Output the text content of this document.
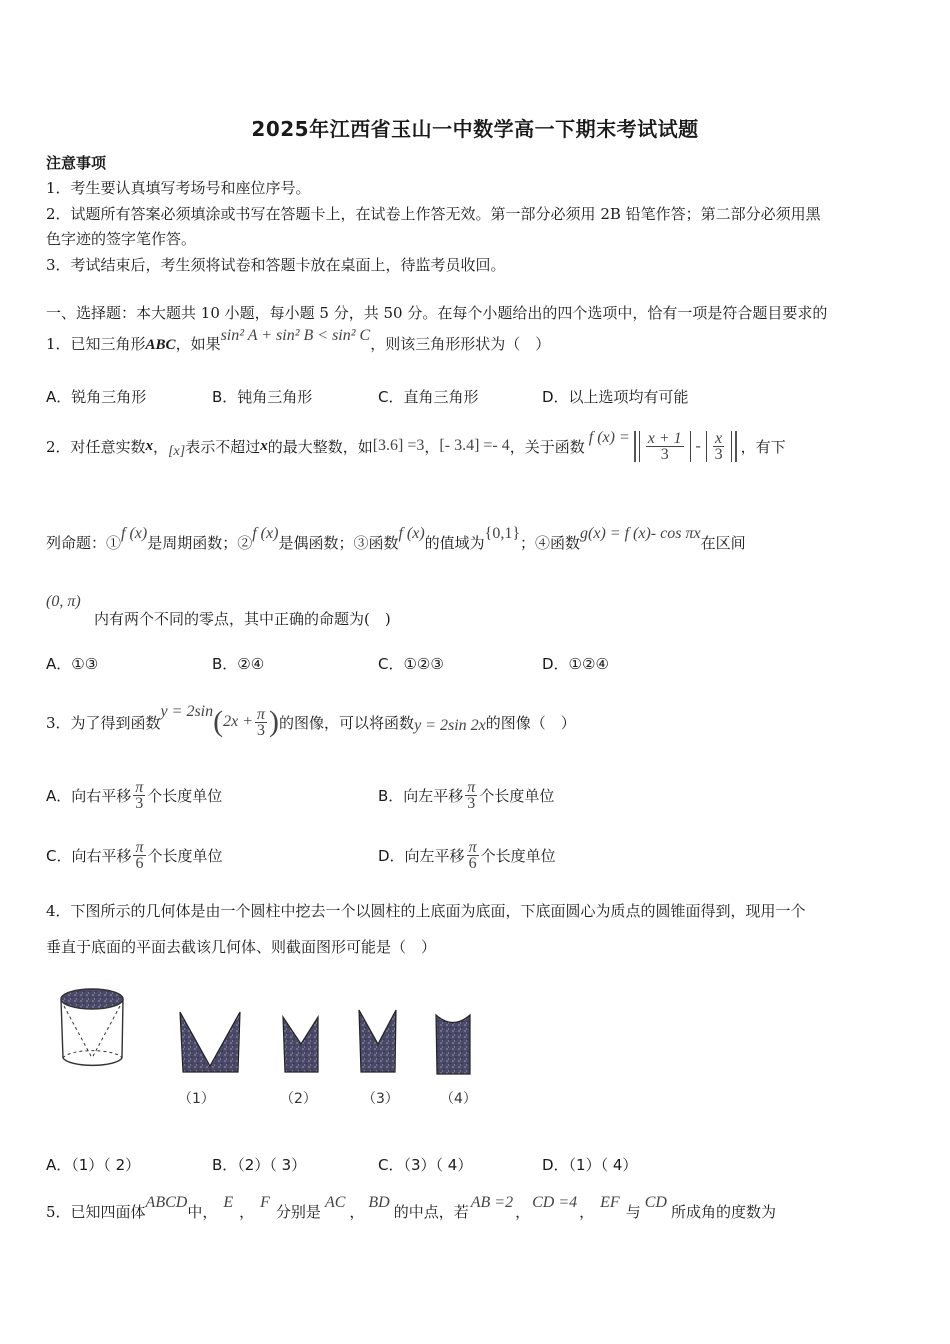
2025年江西省玉山一中数学高一下期末考试试题
注意事项
1．考生要认真填写考场号和座位序号。
2．试题所有答案必须填涂或书写在答题卡上，在试卷上作答无效。第一部分必须用 2B 铅笔作答；第二部分必须用黑
色字迹的签字笔作答。
3．考试结束后，考生须将试卷和答题卡放在桌面上，待监考员收回。
一、选择题：本大题共 10 小题，每小题 5 分，共 50 分。在每个小题给出的四个选项中，恰有一项是符合题目要求的
1．已知三角形ABC，如果sin² A + sin² B < sin² C，则该三角形形状为（　）
A．锐角三角形	B．钝角三角形	C．直角三角形	D．以上选项均有可能
2．对任意实数 x ， [x] 表示不超过 x 的最大整数，如 [3.6] =3 ， [- 3.4] =- 4 ，关于函数 f $(x) = \frac{x + 1}{3} - \frac{x}{3}$ ，有下
列命题：①f (x)是周期函数；②f (x)是偶函数；③函数f (x)的值域为{0,1}；④函数g(x) = f (x)- cos πx在区间
(0, π)
内有两个不同的零点，其中正确的命题为(　)
A．①③	B．②④	C．①②③	D．①②④
3．为了得到函数
y = 2sin ( $2x + \frac{\pi}{3}$ ) 的图像，可以将函数 y = 2sin 2x 的图像（　）
A．向右平移 $\frac{\pi}{3}$ 个长度单位	B．向左平移 $\frac{\pi}{3}$ 个长度单位
C．向右平移 $\frac{\pi}{6}$ 个长度单位	D．向左平移 $\frac{\pi}{6}$ 个长度单位
4．下图所示的几何体是由一个圆柱中挖去一个以圆柱的上底面为底面，下底面圆心为质点的圆锥面得到，现用一个
垂直于底面的平面去截该几何体、则截面图形可能是（　）
（1）	（2）	（3）	（4）
A．（1）（ 2）	B．（2）（ 3）	C．（3）（ 4）	D．（1）（ 4）
5．已知四面体ABCD中，E，F分别是AC，BD的中点，若AB =2，CD =4，EF与CD所成角的度数为
